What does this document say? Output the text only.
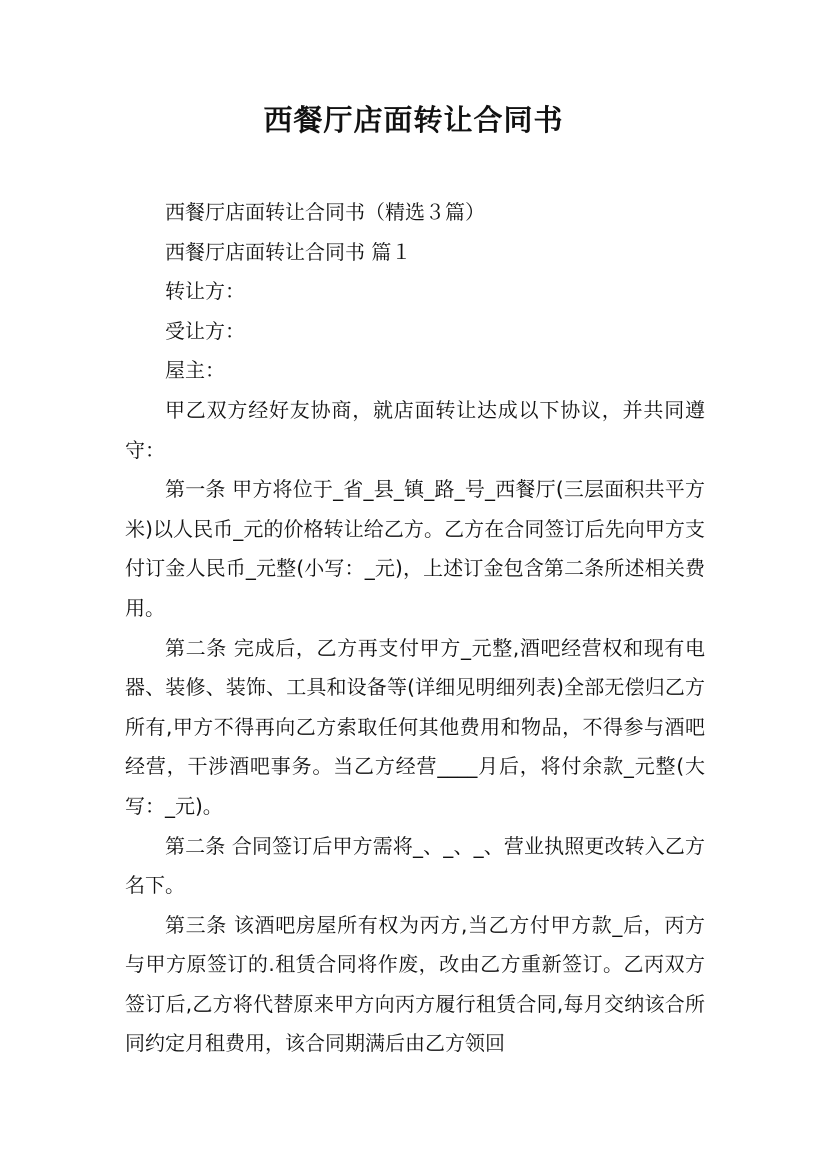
西餐厅店面转让合同书

西餐厅店面转让合同书（精选３篇）

西餐厅店面转让合同书 篇１

转让方：

受让方：

屋主：

甲乙双方经好友协商，就店面转让达成以下协议，并共同遵守：

第一条 甲方将位于_省_县_镇_路_号_西餐厅(三层面积共平方米)以人民币_元的价格转让给乙方。乙方在合同签订后先向甲方支付订金人民币_元整(小写：_元)，上述订金包含第二条所述相关费用。

第二条 完成后，乙方再支付甲方_元整,酒吧经营权和现有电器、装修、装饰、工具和设备等(详细见明细列表)全部无偿归乙方所有,甲方不得再向乙方索取任何其他费用和物品，不得参与酒吧经营，干涉酒吧事务。当乙方经营____月后，将付余款_元整(大写：_元)。

第二条 合同签订后甲方需将_、_、_、营业执照更改转入乙方名下。

第三条 该酒吧房屋所有权为丙方,当乙方付甲方款_后，丙方与甲方原签订的.租赁合同将作废，改由乙方重新签订。乙丙双方签订后,乙方将代替原来甲方向丙方履行租赁合同,每月交纳该合所同约定月租费用，该合同期满后由乙方领回
